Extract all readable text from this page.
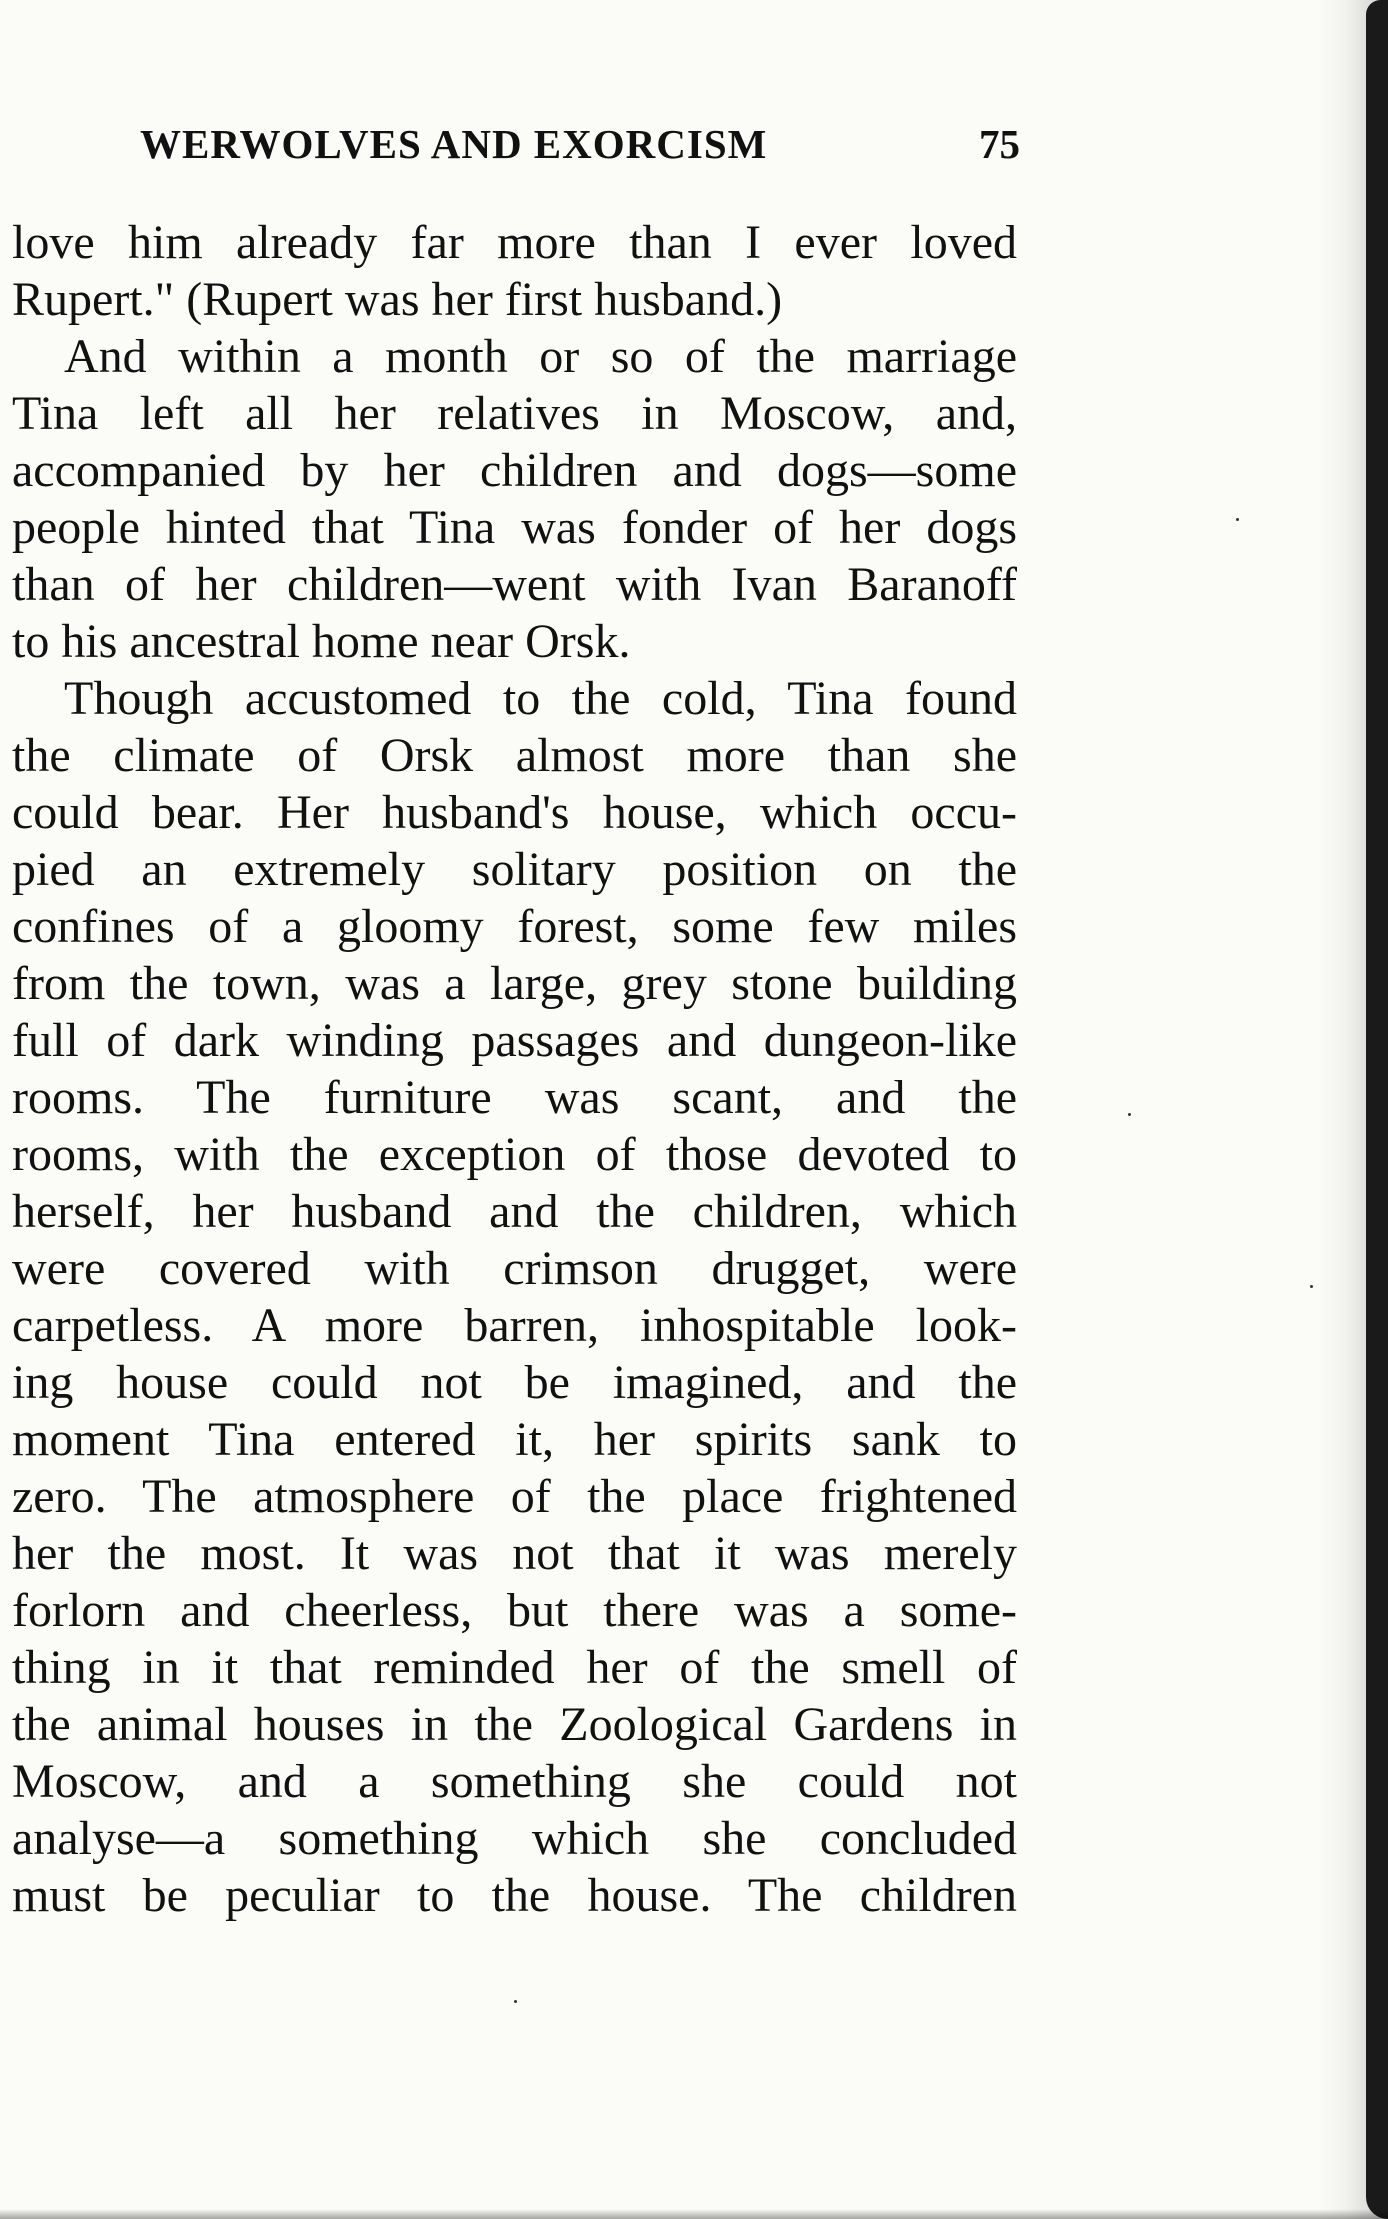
WERWOLVES AND EXORCISM	75
love him already far more than I ever loved
Rupert." (Rupert was her first husband.)
And within a month or so of the marriage
Tina left all her relatives in Moscow, and,
accompanied by her children and dogs—some
people hinted that Tina was fonder of her dogs
than of her children—went with Ivan Baranoff
to his ancestral home near Orsk.
Though accustomed to the cold, Tina found
the climate of Orsk almost more than she
could bear. Her husband's house, which occu-
pied an extremely solitary position on the
confines of a gloomy forest, some few miles
from the town, was a large, grey stone building
full of dark winding passages and dungeon-like
rooms. The furniture was scant, and the
rooms, with the exception of those devoted to
herself, her husband and the children, which
were covered with crimson drugget, were
carpetless. A more barren, inhospitable look-
ing house could not be imagined, and the
moment Tina entered it, her spirits sank to
zero. The atmosphere of the place frightened
her the most. It was not that it was merely
forlorn and cheerless, but there was a some-
thing in it that reminded her of the smell of
the animal houses in the Zoological Gardens in
Moscow, and a something she could not
analyse—a something which she concluded
must be peculiar to the house. The children
